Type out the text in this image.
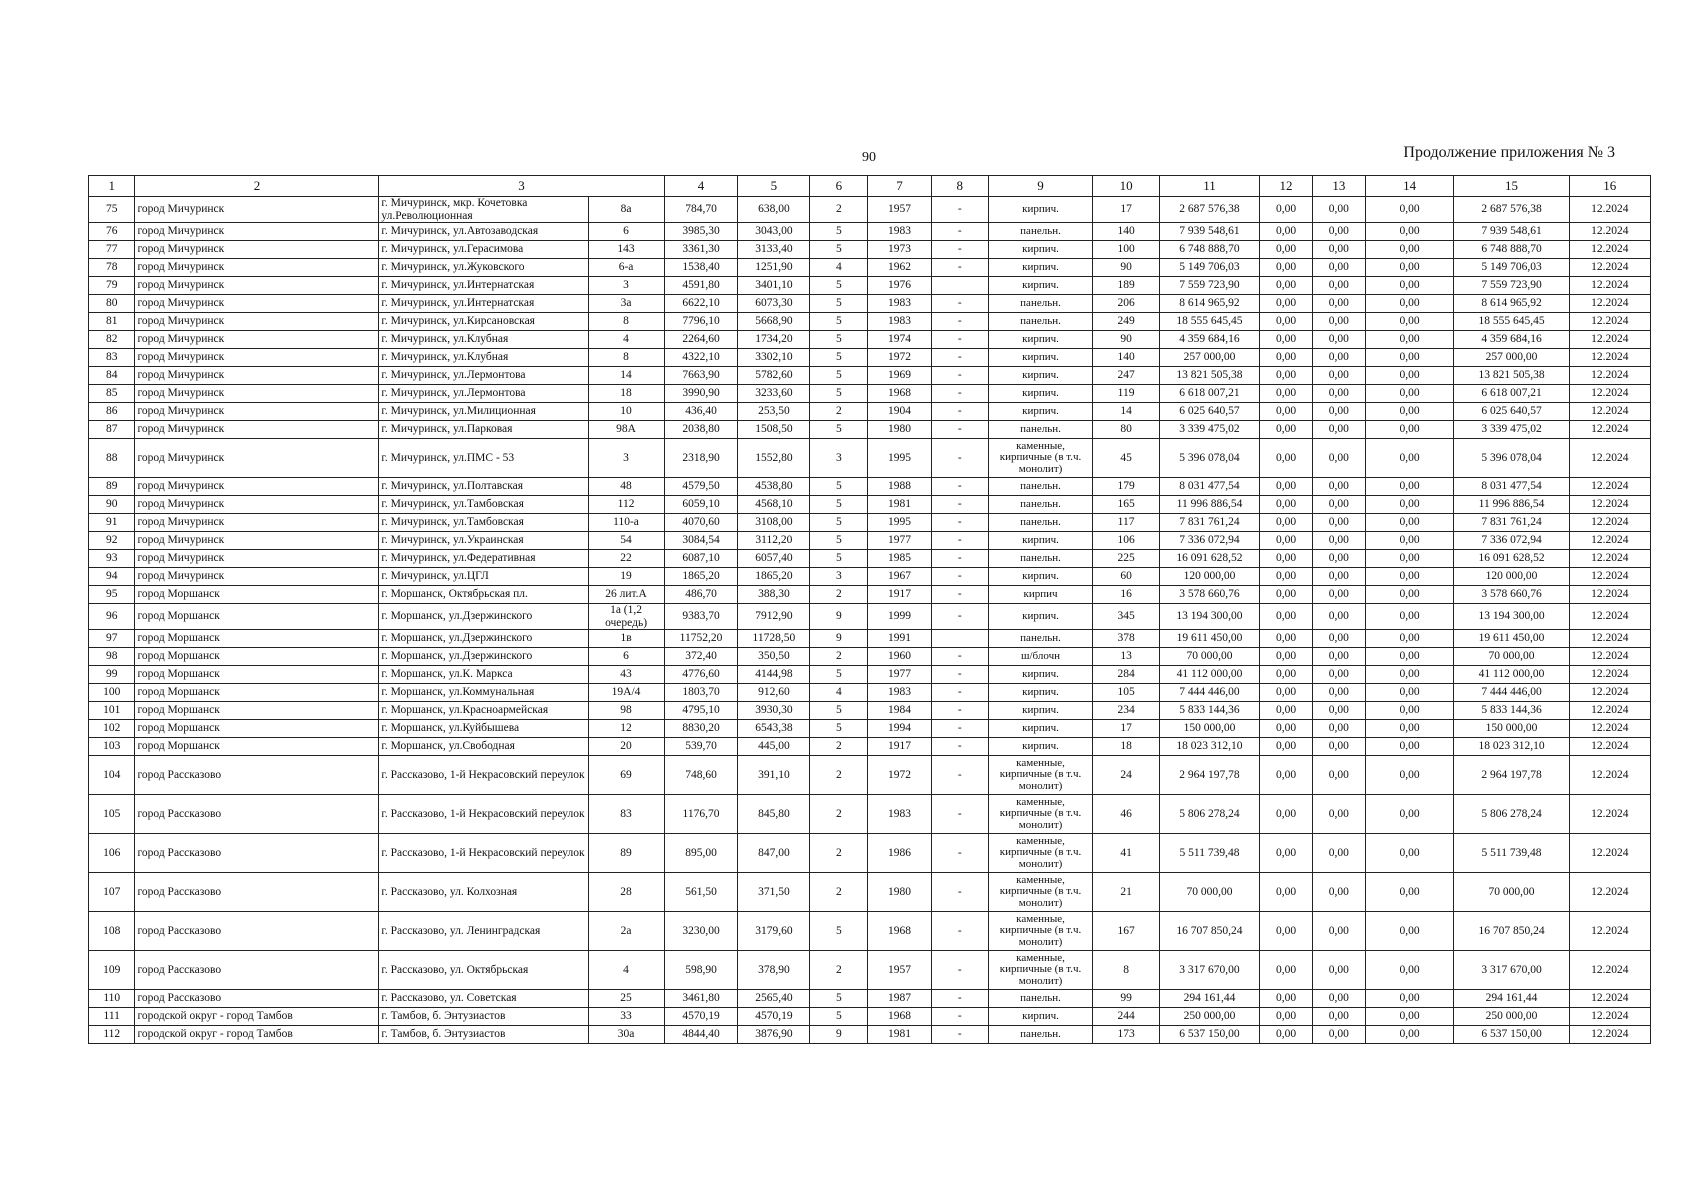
90	Продолжение приложения № 3
1	2	3		4	5	6	7	8	9	10	11	12	13	14	15	16
75	город Мичуринск	г. Мичуринск, мкр. Кочетовка ул.Революционная	8а	784,70	638,00	2	1957	-	кирпич.	17	2 687 576,38	0,00	0,00	0,00	2 687 576,38	12.2024
76	город Мичуринск	г. Мичуринск, ул.Автозаводская	6	3985,30	3043,00	5	1983	-	панельн.	140	7 939 548,61	0,00	0,00	0,00	7 939 548,61	12.2024
77	город Мичуринск	г. Мичуринск, ул.Герасимова	143	3361,30	3133,40	5	1973	-	кирпич.	100	6 748 888,70	0,00	0,00	0,00	6 748 888,70	12.2024
78	город Мичуринск	г. Мичуринск, ул.Жуковского	6-а	1538,40	1251,90	4	1962	-	кирпич.	90	5 149 706,03	0,00	0,00	0,00	5 149 706,03	12.2024
79	город Мичуринск	г. Мичуринск, ул.Интернатская	3	4591,80	3401,10	5	1976		кирпич.	189	7 559 723,90	0,00	0,00	0,00	7 559 723,90	12.2024
80	город Мичуринск	г. Мичуринск, ул.Интернатская	3а	6622,10	6073,30	5	1983	-	панельн.	206	8 614 965,92	0,00	0,00	0,00	8 614 965,92	12.2024
81	город Мичуринск	г. Мичуринск, ул.Кирсановская	8	7796,10	5668,90	5	1983	-	панельн.	249	18 555 645,45	0,00	0,00	0,00	18 555 645,45	12.2024
82	город Мичуринск	г. Мичуринск, ул.Клубная	4	2264,60	1734,20	5	1974	-	кирпич.	90	4 359 684,16	0,00	0,00	0,00	4 359 684,16	12.2024
83	город Мичуринск	г. Мичуринск, ул.Клубная	8	4322,10	3302,10	5	1972	-	кирпич.	140	257 000,00	0,00	0,00	0,00	257 000,00	12.2024
84	город Мичуринск	г. Мичуринск, ул.Лермонтова	14	7663,90	5782,60	5	1969	-	кирпич.	247	13 821 505,38	0,00	0,00	0,00	13 821 505,38	12.2024
85	город Мичуринск	г. Мичуринск, ул.Лермонтова	18	3990,90	3233,60	5	1968	-	кирпич.	119	6 618 007,21	0,00	0,00	0,00	6 618 007,21	12.2024
86	город Мичуринск	г. Мичуринск, ул.Милиционная	10	436,40	253,50	2	1904	-	кирпич.	14	6 025 640,57	0,00	0,00	0,00	6 025 640,57	12.2024
87	город Мичуринск	г. Мичуринск, ул.Парковая	98А	2038,80	1508,50	5	1980	-	панельн.	80	3 339 475,02	0,00	0,00	0,00	3 339 475,02	12.2024
88	город Мичуринск	г. Мичуринск, ул.ПМС - 53	3	2318,90	1552,80	3	1995	-	каменные, кирпичные (в т.ч. монолит)	45	5 396 078,04	0,00	0,00	0,00	5 396 078,04	12.2024
89	город Мичуринск	г. Мичуринск, ул.Полтавская	48	4579,50	4538,80	5	1988	-	панельн.	179	8 031 477,54	0,00	0,00	0,00	8 031 477,54	12.2024
90	город Мичуринск	г. Мичуринск, ул.Тамбовская	112	6059,10	4568,10	5	1981	-	панельн.	165	11 996 886,54	0,00	0,00	0,00	11 996 886,54	12.2024
91	город Мичуринск	г. Мичуринск, ул.Тамбовская	110-а	4070,60	3108,00	5	1995	-	панельн.	117	7 831 761,24	0,00	0,00	0,00	7 831 761,24	12.2024
92	город Мичуринск	г. Мичуринск, ул.Украинская	54	3084,54	3112,20	5	1977	-	кирпич.	106	7 336 072,94	0,00	0,00	0,00	7 336 072,94	12.2024
93	город Мичуринск	г. Мичуринск, ул.Федеративная	22	6087,10	6057,40	5	1985	-	панельн.	225	16 091 628,52	0,00	0,00	0,00	16 091 628,52	12.2024
94	город Мичуринск	г. Мичуринск, ул.ЦГЛ	19	1865,20	1865,20	3	1967	-	кирпич.	60	120 000,00	0,00	0,00	0,00	120 000,00	12.2024
95	город Моршанск	г. Моршанск, Октябрьская пл.	26 лит.А	486,70	388,30	2	1917	-	кирпич	16	3 578 660,76	0,00	0,00	0,00	3 578 660,76	12.2024
96	город Моршанск	г. Моршанск, ул.Дзержинского	1а (1,2 очередь)	9383,70	7912,90	9	1999	-	кирпич.	345	13 194 300,00	0,00	0,00	0,00	13 194 300,00	12.2024
97	город Моршанск	г. Моршанск, ул.Дзержинского	1в	11752,20	11728,50	9	1991		панельн.	378	19 611 450,00	0,00	0,00	0,00	19 611 450,00	12.2024
98	город Моршанск	г. Моршанск, ул.Дзержинского	6	372,40	350,50	2	1960	-	ш/блочн	13	70 000,00	0,00	0,00	0,00	70 000,00	12.2024
99	город Моршанск	г. Моршанск, ул.К. Маркса	43	4776,60	4144,98	5	1977	-	кирпич.	284	41 112 000,00	0,00	0,00	0,00	41 112 000,00	12.2024
100	город Моршанск	г. Моршанск, ул.Коммунальная	19А/4	1803,70	912,60	4	1983	-	кирпич.	105	7 444 446,00	0,00	0,00	0,00	7 444 446,00	12.2024
101	город Моршанск	г. Моршанск, ул.Красноармейская	98	4795,10	3930,30	5	1984	-	кирпич.	234	5 833 144,36	0,00	0,00	0,00	5 833 144,36	12.2024
102	город Моршанск	г. Моршанск, ул.Куйбышева	12	8830,20	6543,38	5	1994	-	кирпич.	17	150 000,00	0,00	0,00	0,00	150 000,00	12.2024
103	город Моршанск	г. Моршанск, ул.Свободная	20	539,70	445,00	2	1917	-	кирпич.	18	18 023 312,10	0,00	0,00	0,00	18 023 312,10	12.2024
104	город Рассказово	г. Рассказово, 1-й Некрасовский переулок	69	748,60	391,10	2	1972	-	каменные, кирпичные (в т.ч. монолит)	24	2 964 197,78	0,00	0,00	0,00	2 964 197,78	12.2024
105	город Рассказово	г. Рассказово, 1-й Некрасовский переулок	83	1176,70	845,80	2	1983	-	каменные, кирпичные (в т.ч. монолит)	46	5 806 278,24	0,00	0,00	0,00	5 806 278,24	12.2024
106	город Рассказово	г. Рассказово, 1-й Некрасовский переулок	89	895,00	847,00	2	1986	-	каменные, кирпичные (в т.ч. монолит)	41	5 511 739,48	0,00	0,00	0,00	5 511 739,48	12.2024
107	город Рассказово	г. Рассказово, ул. Колхозная	28	561,50	371,50	2	1980	-	каменные, кирпичные (в т.ч. монолит)	21	70 000,00	0,00	0,00	0,00	70 000,00	12.2024
108	город Рассказово	г. Рассказово, ул. Ленинградская	2а	3230,00	3179,60	5	1968	-	каменные, кирпичные (в т.ч. монолит)	167	16 707 850,24	0,00	0,00	0,00	16 707 850,24	12.2024
109	город Рассказово	г. Рассказово, ул. Октябрьская	4	598,90	378,90	2	1957	-	каменные, кирпичные (в т.ч. монолит)	8	3 317 670,00	0,00	0,00	0,00	3 317 670,00	12.2024
110	город Рассказово	г. Рассказово, ул. Советская	25	3461,80	2565,40	5	1987	-	панельн.	99	294 161,44	0,00	0,00	0,00	294 161,44	12.2024
111	городской округ - город Тамбов	г. Тамбов, б. Энтузиастов	33	4570,19	4570,19	5	1968	-	кирпич.	244	250 000,00	0,00	0,00	0,00	250 000,00	12.2024
112	городской округ - город Тамбов	г. Тамбов, б. Энтузиастов	30а	4844,40	3876,90	9	1981	-	панельн.	173	6 537 150,00	0,00	0,00	0,00	6 537 150,00	12.2024
